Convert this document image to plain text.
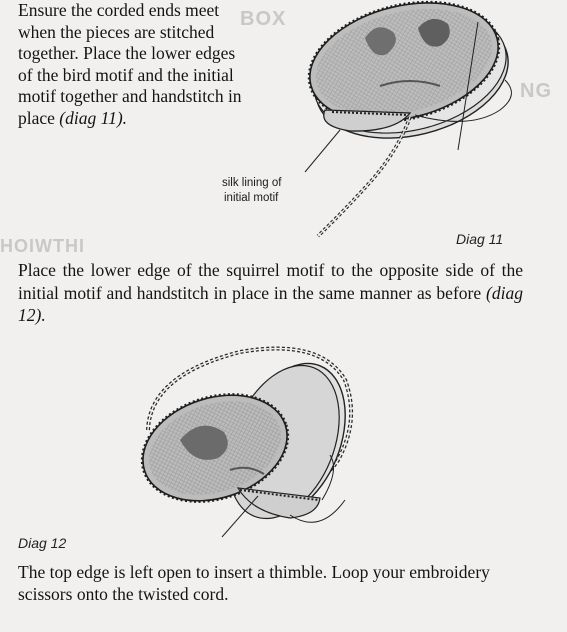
BOX
NG
HOIWTHI
Ensure the corded ends meet when the pieces are stitched together. Place the lower edges of the bird motif and the initial motif together and handstitch in place (diag 11).
silk lining of
initial motif
Diag 11
Place the lower edge of the squirrel motif to the opposite side of the initial motif and handstitch in place in the same manner as before (diag 12).
Diag 12
The top edge is left open to insert a thimble. Loop your embroidery scissors onto the twisted cord.
